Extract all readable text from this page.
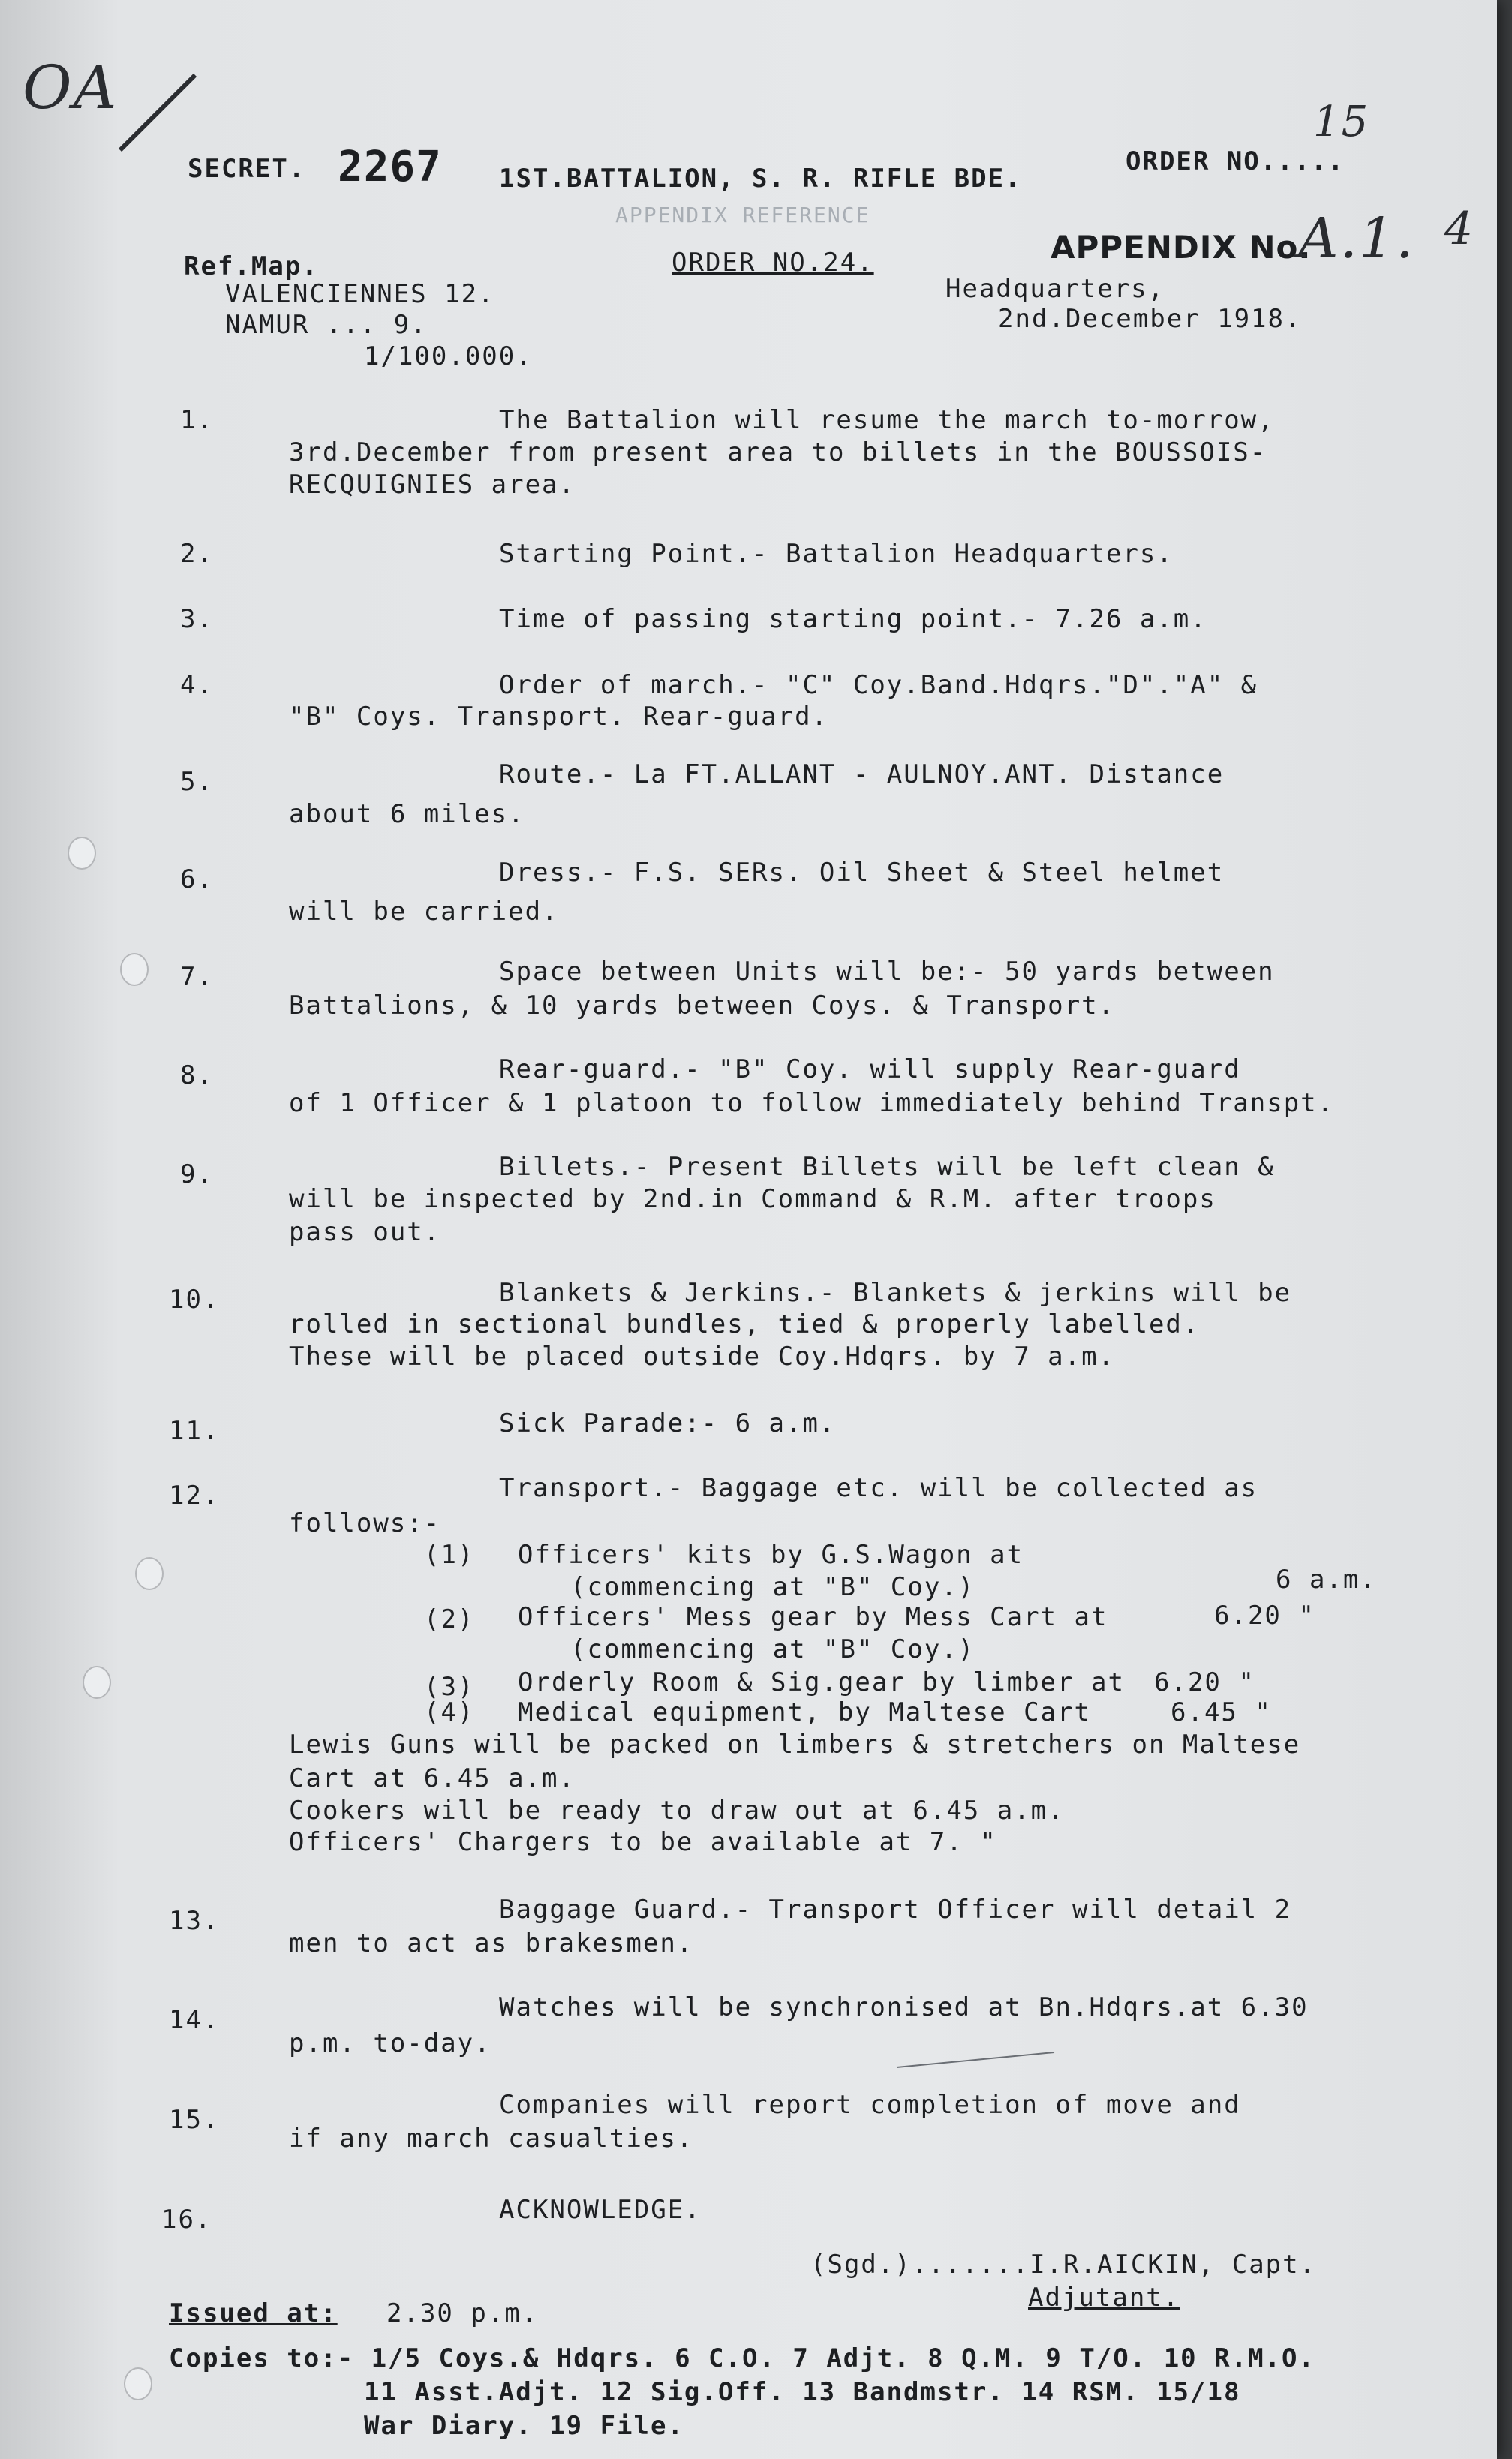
OA	15
4
SECRET. 2267 1ST.BATTALION, S. R. RIFLE BDE.
ORDER NO.....
APPENDIX REFERENCE
Ref.Map.
VALENCIENNES 12.
NAMUR ... 9.
1/100.000.
ORDER NO.24.	APPENDIX No.
A.1.
Headquarters,
2nd.December 1918.
1.	The Battalion will resume the march to-morrow,
3rd.December from present area to billets in the BOUSSOIS-
RECQUIGNIES area.
2.	Starting Point.- Battalion Headquarters.
3.	Time of passing starting point.- 7.26 a.m.
4.	Order of march.- "C" Coy.Band.Hdqrs."D"."A" &
"B" Coys. Transport. Rear-guard.
5.	Route.- La FT.ALLANT - AULNOY.ANT. Distance
about 6 miles.
6.	Dress.- F.S. SERs. Oil Sheet & Steel helmet
will be carried.
7.	Space between Units will be:- 50 yards between
Battalions, & 10 yards between Coys. & Transport.
8.	Rear-guard.- "B" Coy. will supply Rear-guard
of 1 Officer & 1 platoon to follow immediately behind Transpt.
9.	Billets.- Present Billets will be left clean &
will be inspected by 2nd.in Command & R.M. after troops
pass out.
10.	Blankets & Jerkins.- Blankets & jerkins will be
rolled in sectional bundles, tied & properly labelled.
These will be placed outside Coy.Hdqrs. by 7 a.m.
11.	Sick Parade:- 6 a.m.
12.	Transport.- Baggage etc. will be collected as
follows:-
(1) Officers' kits by G.S.Wagon at
(commencing at "B" Coy.)	6 a.m.
(2) Officers' Mess gear by Mess Cart at
(commencing at "B" Coy.)
6.20 "
(3) Orderly Room & Sig.gear by limber at 6.20 "
(4) Medical equipment, by Maltese Cart	6.45 "
Lewis Guns will be packed on limbers & stretchers on Maltese
Cart at 6.45 a.m.
Cookers will be ready to draw out at 6.45 a.m.
Officers' Chargers to be available at 7. "
13.	Baggage Guard.- Transport Officer will detail 2
men to act as brakesmen.
14.	Watches will be synchronised at Bn.Hdqrs.at 6.30
p.m. to-day.
15.	Companies will report completion of move and
if any march casualties.
16.	ACKNOWLEDGE.
(Sgd.).......I.R.AICKIN, Capt.
Adjutant.
Issued at: 2.30 p.m.
Copies to:- 1/5 Coys.& Hdqrs. 6 C.O. 7 Adjt. 8 Q.M. 9 T/O. 10 R.M.O.
11 Asst.Adjt. 12 Sig.Off. 13 Bandmstr. 14 RSM. 15/18
War Diary. 19 File.
